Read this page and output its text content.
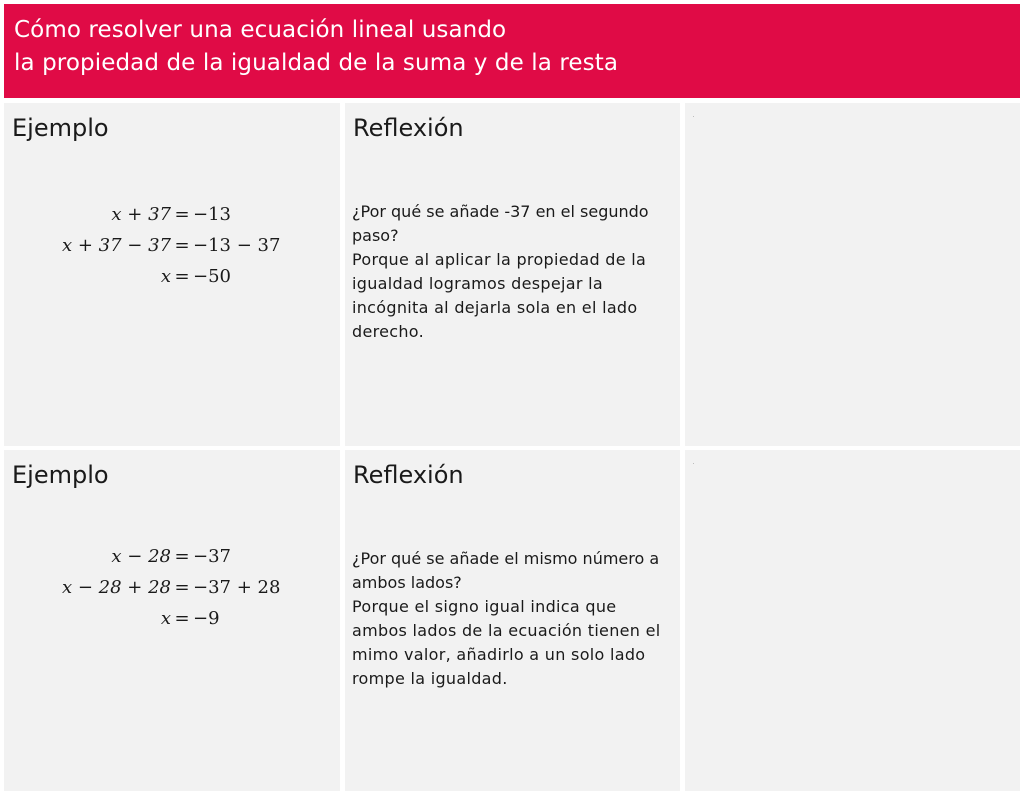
Cómo resolver una ecuación lineal usando
la propiedad de la igualdad de la suma y de la resta
Ejemplo
x + 37 = −13
x + 37 − 37 = −13 − 37
x = −50
Reflexión
¿Por qué se añade -37 en el segundo paso?
Porque al aplicar la propiedad de la igualdad logramos despejar la incógnita al dejarla sola en el lado derecho.
Ejemplo
x − 28 = −37
x − 28 + 28 = −37 + 28
x = −9
Reflexión
¿Por qué se añade el mismo número a ambos lados?
Porque el signo igual indica que ambos lados de la ecuación tienen el mimo valor, añadirlo a un solo lado rompe la igualdad.
